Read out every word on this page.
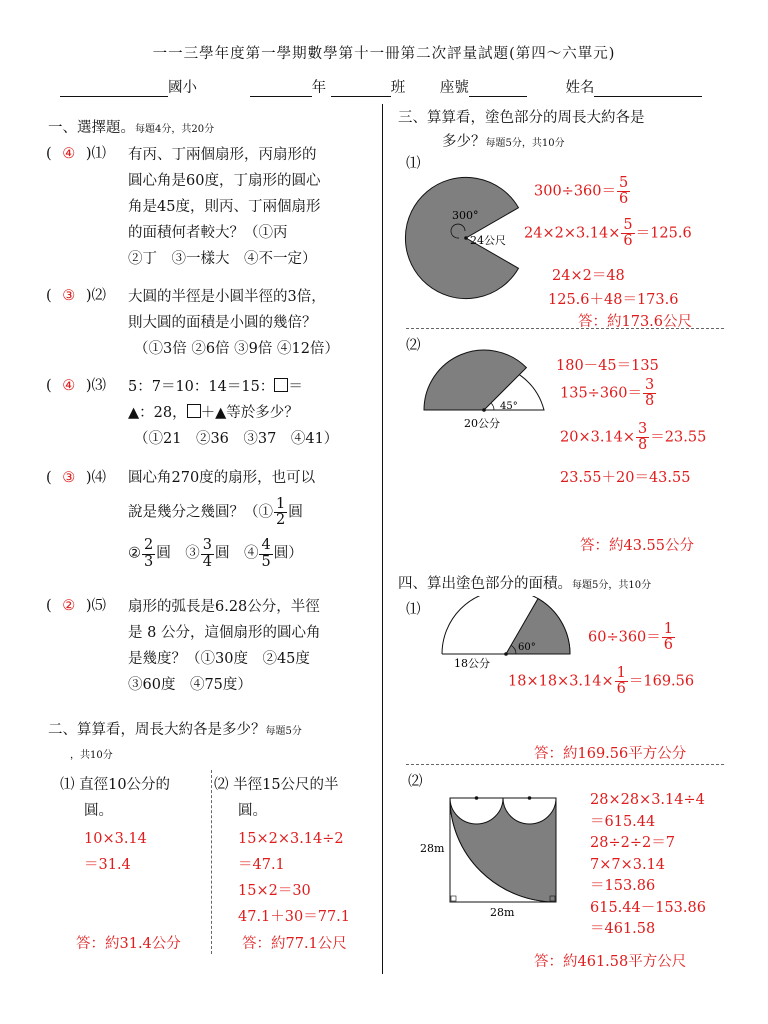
一一三學年度第一學期數學第十一冊第二次評量試題(第四～六單元)
國小	年	班 座號	姓名
一、選擇題。每題4分，共20分
( ④ )⑴ 有丙、丁兩個扇形，丙扇形的
圓心角是60度，丁扇形的圓心
角是45度，則丙、丁兩個扇形
的面積何者較大？（①丙
②丁　③一樣大　④不一定）
( ③ )⑵ 大圓的半徑是小圓半徑的3倍，
則大圓的面積是小圓的幾倍？
（①3倍 ②6倍 ③9倍 ④12倍）
( ④ )⑶ 5：7＝10：14＝15： ＝
▲：28， ＋▲等於多少？
（①21　②36　③37　④41）
( ③ )⑷ 圓心角270度的扇形，也可以
說是幾分之幾圓？（① $\frac{1}{2}$ 圓
② $\frac{2}{3}$ 圓　③ $\frac{3}{4}$ 圓　④ $\frac{4}{5}$ 圓）
( ② )⑸ 扇形的弧長是6.28公分，半徑
是 8 公分，這個扇形的圓心角
是幾度？（①30度　②45度
③60度　④75度）
二、算算看，周長大約各是多少？每題5分
，共10分
⑴ 直徑10公分的
圓。
10×3.14
＝31.4
答：約31.4公分
⑵ 半徑15公尺的半
圓。
15×2×3.14÷2
＝47.1
15×2＝30
47.1＋30＝77.1
答：約77.1公尺
三、算算看，塗色部分的周長大約各是
多少？每題5分，共10分
⑴
300°
24公尺
$300\div 360= \frac{5}{6}$
$24\times 2\times 3.14\times \frac{5}{6} =125.6$
24×2＝48
125.6＋48＝173.6
答：約173.6公尺
⑵
45°
20公分
180－45＝135
$135\div 360= \frac{3}{8}$
$20\times 3.14\times \frac{3}{8} =23.55$
23.55＋20＝43.55
答：約43.55公分
四、算出塗色部分的面積。每題5分，共10分
⑴
60°
18公分
$60\div 360= \frac{1}{6}$
$18\times 18\times 3.14\times \frac{1}{6} =169.56$
答：約169.56平方公分
⑵
28m
28m
28×28×3.14÷4
＝615.44
28÷2÷2＝7
7×7×3.14
＝153.86
615.44－153.86
＝461.58
答：約461.58平方公尺
